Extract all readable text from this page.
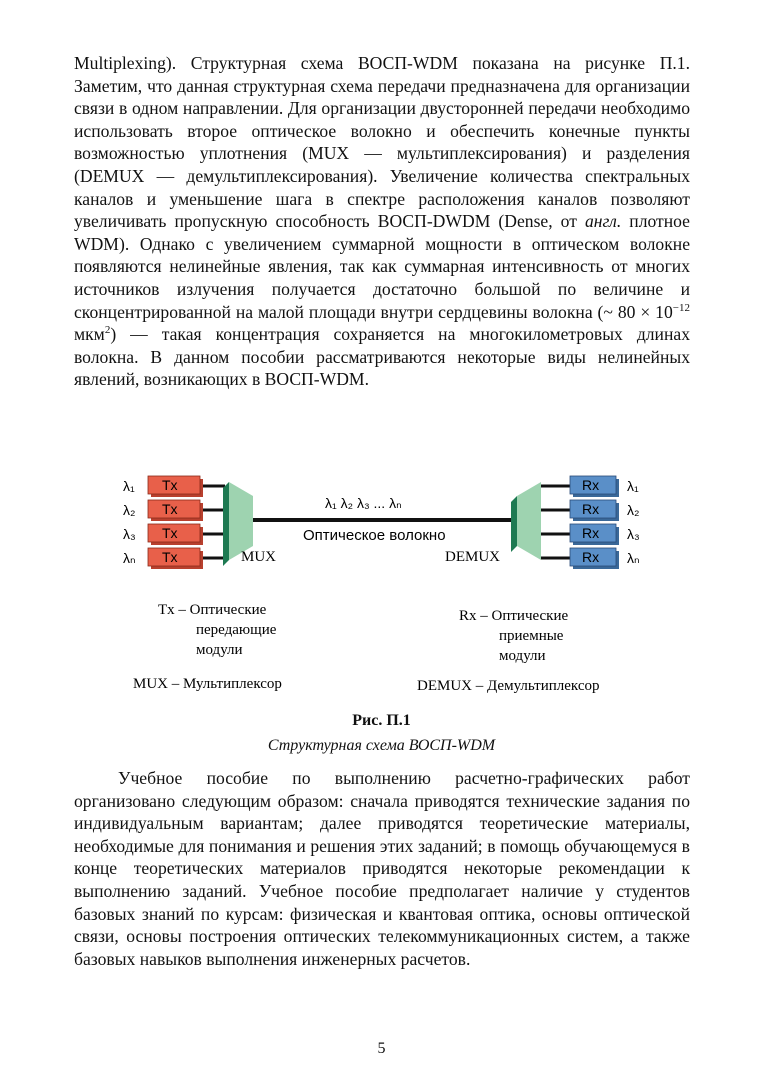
Multiplexing). Структурная схема ВОСП-WDM показана на рисунке П.1. Заметим, что данная структурная схема передачи предназначена для организации связи в одном направлении. Для организации двусторонней передачи необходимо использовать второе оптическое волокно и обеспечить конечные пункты возможностью уплотнения (MUX — мультиплексирования) и разделения (DEMUX — демультиплексирования). Увеличение количества спектральных каналов и уменьшение шага в спектре расположения каналов позволяют увеличивать пропускную способность ВОСП-DWDM (Dense, от англ. плотное WDM). Однако с увеличением суммарной мощности в оптическом волокне появляются нелинейные явления, так как суммарная интенсивность от многих источников излучения получается достаточно большой по величине и сконцентрированной на малой площади внутри сердцевины волокна (~ $80 \times 10^{-12}$ мкм$^2$) — такая концентрация сохраняется на многокилометровых длинах волокна. В данном пособии рассматриваются некоторые виды нелинейных явлений, возникающих в ВОСП-WDM.

λ₁ λ₂ λ₃ ... λₙ
Оптическое волокно
λ₁ Tx
λ₂ Tx
λ₃ Tx
λₙ Tx	MUX	DEMUX
Rx λ₁
Rx λ₂
Rx λ₃
Rx λₙ
Tx – Оптические
передающие
модули
MUX – Мультиплексор
Rx – Оптические
приемные
модули
DEMUX – Демультиплексор

Рис. П.1

Структурная схема ВОСП-WDM

Учебное пособие по выполнению расчетно-графических работ организовано следующим образом: сначала приводятся технические задания по индивидуальным вариантам; далее приводятся теоретические материалы, необходимые для понимания и решения этих заданий; в помощь обучающемуся в конце теоретических материалов приводятся некоторые рекомендации к выполнению заданий. Учебное пособие предполагает наличие у студентов базовых знаний по курсам: физическая и квантовая оптика, основы оптической связи, основы построения оптических телекоммуникационных систем, а также базовых навыков выполнения инженерных расчетов.

5
